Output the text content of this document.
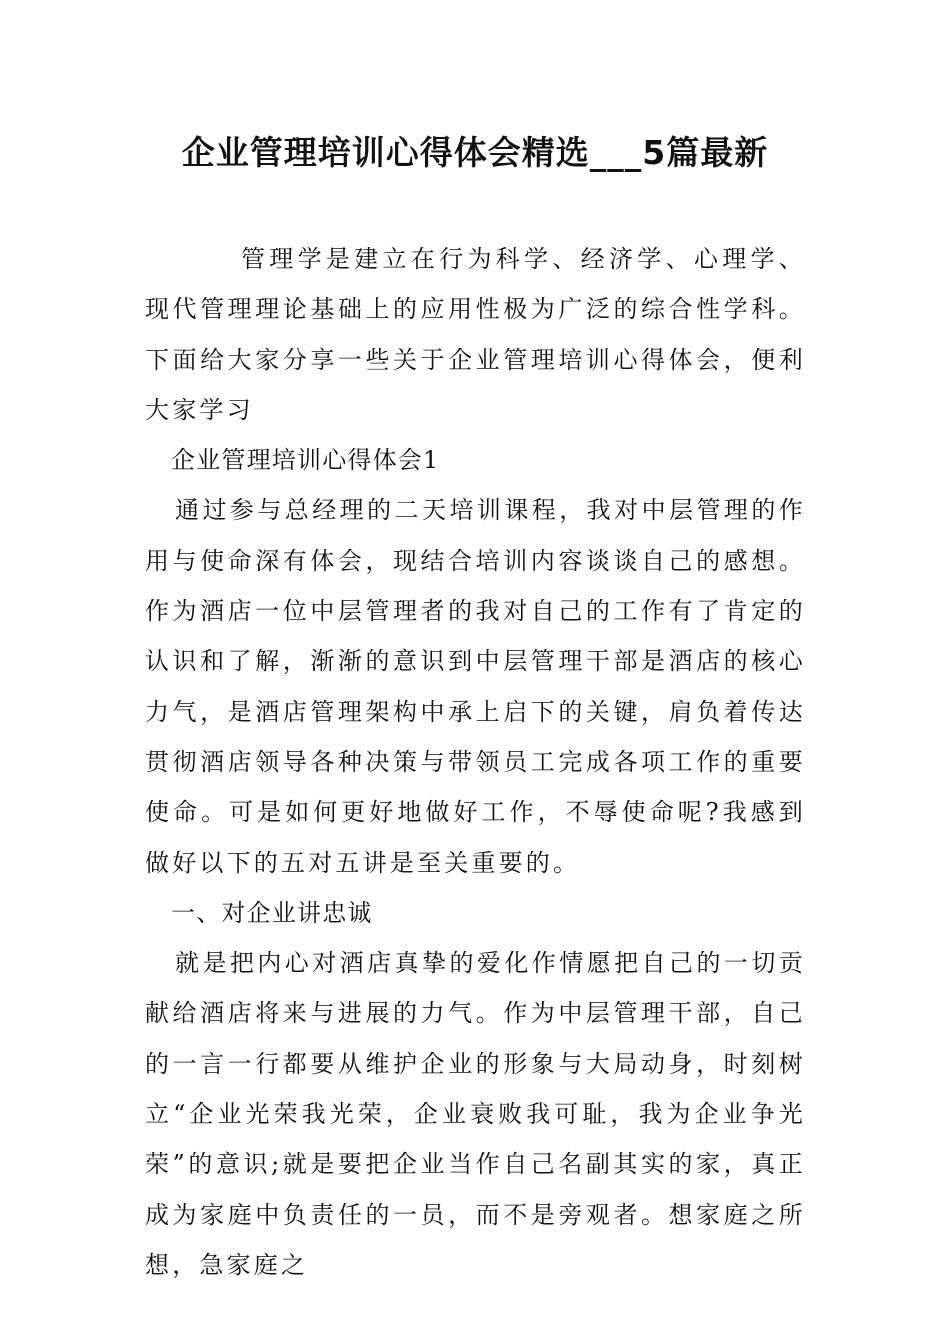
企业管理培训心得体会精选___5篇最新

管理学是建立在行为科学、经济学、心理学、现代管理理论基础上的应用性极为广泛的综合性学科。下面给大家分享一些关于企业管理培训心得体会，便利大家学习

企业管理培训心得体会1

通过参与总经理的二天培训课程，我对中层管理的作用与使命深有体会，现结合培训内容谈谈自己的感想。作为酒店一位中层管理者的我对自己的工作有了肯定的认识和了解，渐渐的意识到中层管理干部是酒店的核心力气，是酒店管理架构中承上启下的关键，肩负着传达贯彻酒店领导各种决策与带领员工完成各项工作的重要使命。可是如何更好地做好工作，不辱使命呢?我感到做好以下的五对五讲是至关重要的。

一、对企业讲忠诚

就是把内心对酒店真挚的爱化作情愿把自己的一切贡献给酒店将来与进展的力气。作为中层管理干部，自己的一言一行都要从维护企业的形象与大局动身，时刻树立“企业光荣我光荣，企业衰败我可耻，我为企业争光荣”的意识;就是要把企业当作自己名副其实的家，真正成为家庭中负责任的一员，而不是旁观者。想家庭之所想，急家庭之
